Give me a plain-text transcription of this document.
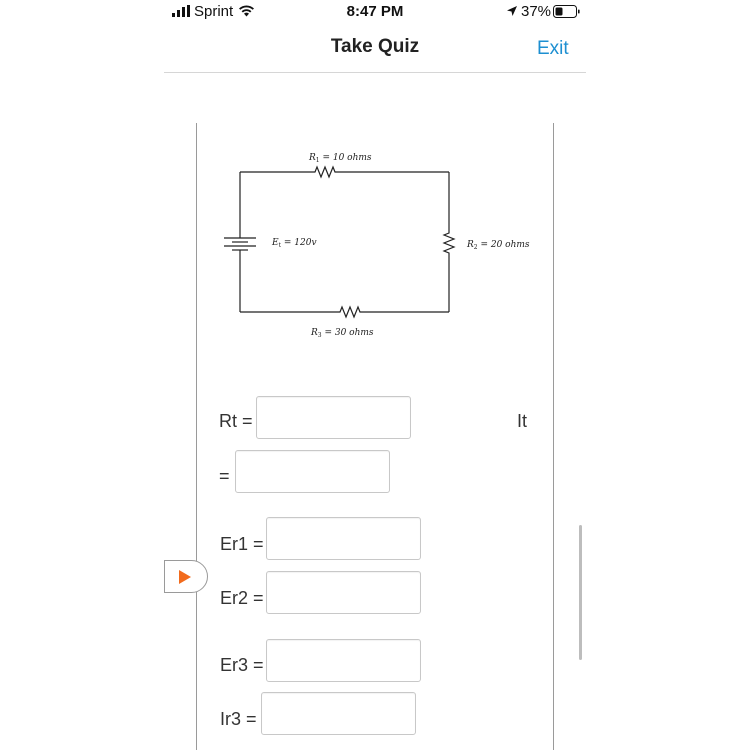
Sprint	8:47 PM	37%
Take Quiz	Exit
$R_1 = 10$ ohms
$R_2 = 20$ ohms
$R_3 = 30$ ohms
$E_t = 120v$
Rt =	It
=
Er1 =
Er2 =
Er3 =
Ir3 =
